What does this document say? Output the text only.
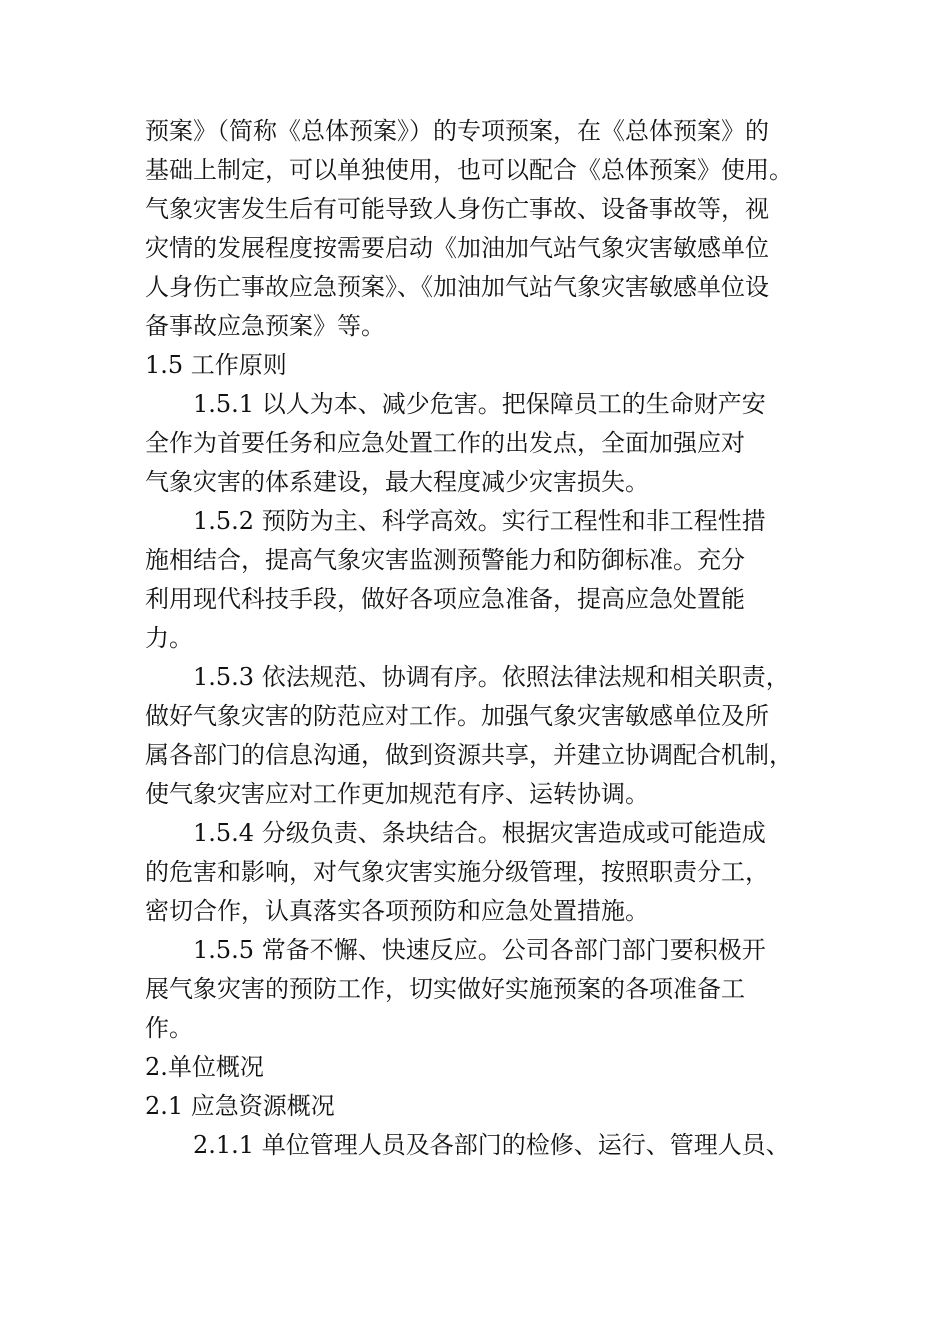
预案》（简称《总体预案》）的专项预案，在《总体预案》的
基础上制定，可以单独使用，也可以配合《总体预案》使用。
气象灾害发生后有可能导致人身伤亡事故、设备事故等，视
灾情的发展程度按需要启动《加油加气站气象灾害敏感单位
人身伤亡事故应急预案》、《加油加气站气象灾害敏感单位设
备事故应急预案》等。
1.5 工作原则
1.5.1 以人为本、减少危害。把保障员工的生命财产安
全作为首要任务和应急处置工作的出发点，全面加强应对
气象灾害的体系建设，最大程度减少灾害损失。
1.5.2 预防为主、科学高效。实行工程性和非工程性措
施相结合，提高气象灾害监测预警能力和防御标准。充分
利用现代科技手段，做好各项应急准备，提高应急处置能
力。
1.5.3 依法规范、协调有序。依照法律法规和相关职责，
做好气象灾害的防范应对工作。加强气象灾害敏感单位及所
属各部门的信息沟通，做到资源共享，并建立协调配合机制，
使气象灾害应对工作更加规范有序、运转协调。
1.5.4 分级负责、条块结合。根据灾害造成或可能造成
的危害和影响，对气象灾害实施分级管理，按照职责分工，
密切合作，认真落实各项预防和应急处置措施。
1.5.5 常备不懈、快速反应。公司各部门部门要积极开
展气象灾害的预防工作，切实做好实施预案的各项准备工
作。
2.单位概况
2.1 应急资源概况
2.1.1 单位管理人员及各部门的检修、运行、管理人员、
